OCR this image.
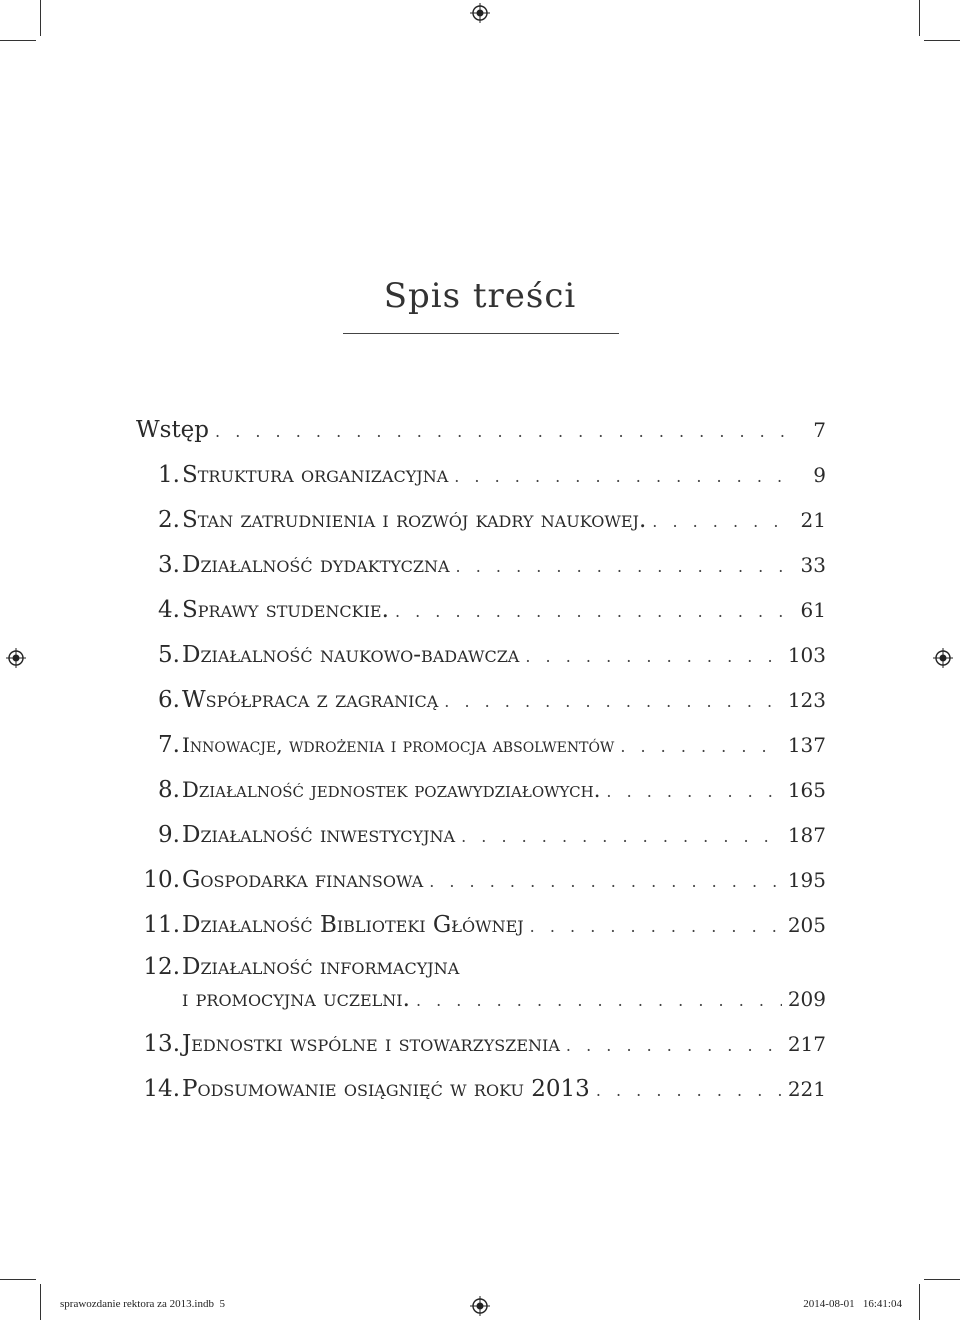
Spis treści
Wstęp . . .	7
1. Struktura organizacyjna . . .	9
2. Stan zatrudnienia i rozwój kadry naukowej. . . .	21
3. Działalność dydaktyczna . . .	33
4. Sprawy studenckie. . . .	61
5. Działalność naukowo-badawcza . . .	103
6. Współpraca z zagranicą . . .	123
7. Innowacje, wdrożenia i promocja absolwentów . . .	137
8. Działalność jednostek pozawydziałowych. . . .	165
9. Działalność inwestycyjna . . .	187
10. Gospodarka finansowa . . .	195
11. Działalność Biblioteki Głównej . . .	205
12. Działalność informacyjna
i promocyjna uczelni. . . .	209
13. Jednostki wspólne i stowarzyszenia . . .	217
14. Podsumowanie osiągnięć w roku 2013 . . .	221
sprawozdanie rektora za 2013.indb 5	2014-08-01 16:41:04
